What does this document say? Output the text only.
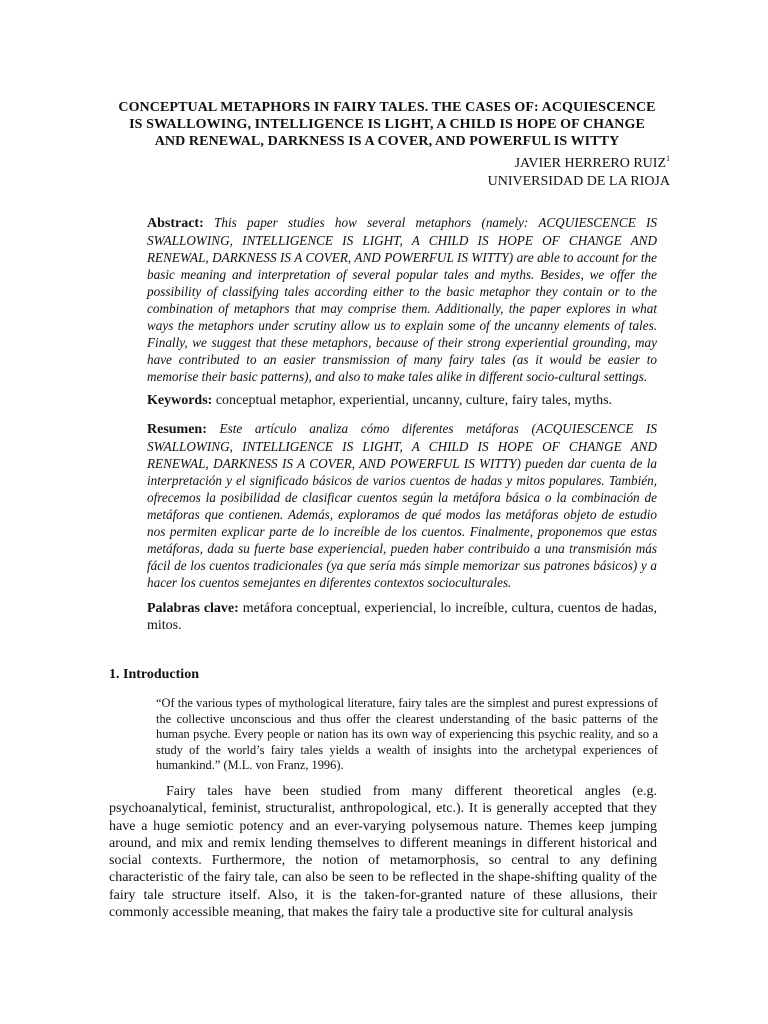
CONCEPTUAL METAPHORS IN FAIRY TALES. THE CASES OF: ACQUIESCENCE
IS SWALLOWING, INTELLIGENCE IS LIGHT, A CHILD IS HOPE OF CHANGE
AND RENEWAL, DARKNESS IS A COVER, AND POWERFUL IS WITTY
JAVIER HERRERO RUIZ$^1$
UNIVERSIDAD DE LA RIOJA
Abstract: This paper studies how several metaphors (namely: ACQUIESCENCE IS SWALLOWING, INTELLIGENCE IS LIGHT, A CHILD IS HOPE OF CHANGE AND RENEWAL, DARKNESS IS A COVER, AND POWERFUL IS WITTY) are able to account for the basic meaning and interpretation of several popular tales and myths. Besides, we offer the possibility of classifying tales according either to the basic metaphor they contain or to the combination of metaphors that may comprise them. Additionally, the paper explores in what ways the metaphors under scrutiny allow us to explain some of the uncanny elements of tales. Finally, we suggest that these metaphors, because of their strong experiential grounding, may have contributed to an easier transmission of many fairy tales (as it would be easier to memorise their basic patterns), and also to make tales alike in different socio-cultural settings.
Keywords: conceptual metaphor, experiential, uncanny, culture, fairy tales, myths.
Resumen: Este artículo analiza cómo diferentes metáforas (ACQUIESCENCE IS SWALLOWING, INTELLIGENCE IS LIGHT, A CHILD IS HOPE OF CHANGE AND RENEWAL, DARKNESS IS A COVER, AND POWERFUL IS WITTY) pueden dar cuenta de la interpretación y el significado básicos de varios cuentos de hadas y mitos populares. También, ofrecemos la posibilidad de clasificar cuentos según la metáfora básica o la combinación de metáforas que contienen. Además, exploramos de qué modos las metáforas objeto de estudio nos permiten explicar parte de lo increíble de los cuentos. Finalmente, proponemos que estas metáforas, dada su fuerte base experiencial, pueden haber contribuido a una transmisión más fácil de los cuentos tradicionales (ya que sería más simple memorizar sus patrones básicos) y a hacer los cuentos semejantes en diferentes contextos socioculturales.
Palabras clave: metáfora conceptual, experiencial, lo increíble, cultura, cuentos de hadas, mitos.
1. Introduction
“Of the various types of mythological literature, fairy tales are the simplest and purest expressions of the collective unconscious and thus offer the clearest understanding of the basic patterns of the human psyche. Every people or nation has its own way of experiencing this psychic reality, and so a study of the world’s fairy tales yields a wealth of insights into the archetypal experiences of humankind.” (M.L. von Franz, 1996).
Fairy tales have been studied from many different theoretical angles (e.g. psychoanalytical, feminist, structuralist, anthropological, etc.). It is generally accepted that they have a huge semiotic potency and an ever-varying polysemous nature. Themes keep jumping around, and mix and remix lending themselves to different meanings in different historical and social contexts. Furthermore, the notion of metamorphosis, so central to any defining characteristic of the fairy tale, can also be seen to be reflected in the shape-shifting quality of the fairy tale structure itself. Also, it is the taken-for-granted nature of these allusions, their commonly accessible meaning, that makes the fairy tale a productive site for cultural analysis
